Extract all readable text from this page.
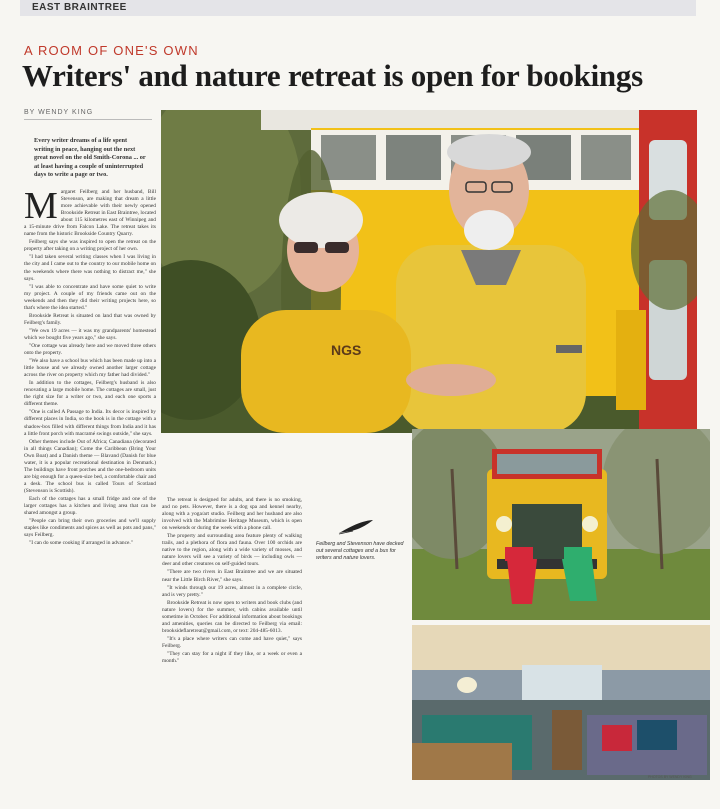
EAST BRAINTREE
A ROOM OF ONE'S OWN
Writers' and nature retreat is open for bookings
BY WENDY KING
Every writer dreams of a life spent writing in peace, hanging out the next great novel on the old Smith-Corona ... or at least having a couple of uninterrupted days to write a page or two.

Margaret Feilberg and her husband, Bill Stevenson, are making that dream a little more achievable with their newly opened Brookside Retreat in East Braintree, located about 115 kilometres east of Winnipeg and a 15-minute drive from Falcon Lake. The retreat takes its name from the historic Brookside Country Quarry.

Feilberg says she was inspired to open the retreat on the property after taking on a writing project of her own.

"I had taken several writing classes when I was living in the city and I came out to the country to our mobile home on the weekends where there was nothing to distract me," she says.

"I was able to concentrate and have some quiet to write my project. A couple of my friends came out on the weekends and then they did their writing projects here, so that's where the idea started."

Brookside Retreat is situated on land that was owned by Feilberg's family.

"We own 19 acres — it was my grandparents' homestead which we bought five years ago," she says.

"One cottage was already here and we moved three others onto the property.

"We also have a school bus which has been made up into a little house and we already owned another larger cottage across the river on property which my father had divided."

In addition to the cottages, Feilberg's husband is also renovating a large mobile home. The cottages are small, just the right size for a writer or two, and each one sports a different theme.

"One is called A Passage to India. Its decor is inspired by different places in India, so the book is in the cottage with a shadow-box filled with different things from India and it has a little front porch with macramé swings outside," she says.

Other themes include Out of Africa; Canadiana (decorated in all things Canadian); Come the Caribbean (Bring Your Own Boat) and a Danish theme — Blavand (Danish for blue water, it is a popular recreational destination in Denmark.) The buildings have front porches and the one-bedroom units are big enough for a queen-size bed, a comfortable chair and a desk. The school bus is called Tours of Scotland (Stevenson is Scottish).

Each of the cottages has a small fridge and one of the larger cottages has a kitchen and living area that can be shared amongst a group.

"People can bring their own groceries and we'll supply staples like condiments and spices as well as pots and pans," says Feilberg.

"I can do some cooking if arranged in advance."

NGS

The retreat is designed for adults, and there is no smoking, and no pets. However, there is a dog spa and kennel nearby, along with a yoga/art studio. Feilberg and her husband are also involved with the Mabrimine Heritage Museum, which is open on weekends or during the week with a phone call.

The property and surrounding area feature plenty of walking trails, and a plethora of flora and fauna. Over 100 orchids are native to the region, along with a wide variety of mosses, and nature lovers will see a variety of birds — including owls — deer and other creatures on self-guided tours.

"There are two rivers in East Braintree and we are situated near the Little Birch River," she says.

"It winds through our 19 acres, almost in a complete circle, and is very pretty."

Brookside Retreat is now open to writers and book clubs (and nature lovers) for the summer, with cabins available until sometime in October. For additional information about bookings and amenities, queries can be directed to Feilberg via email: brooksideflaretreat@gmail.com, or text: 204-485-6013.

"It's a place where writers can come and have quiet," says Feilberg.

"They can stay for a night if they like, or a week or even a month."

Feilberg and Stevenson have decked out several cottages and a bus for writers and nature lovers.
PHOTOS BY WENDY KING
